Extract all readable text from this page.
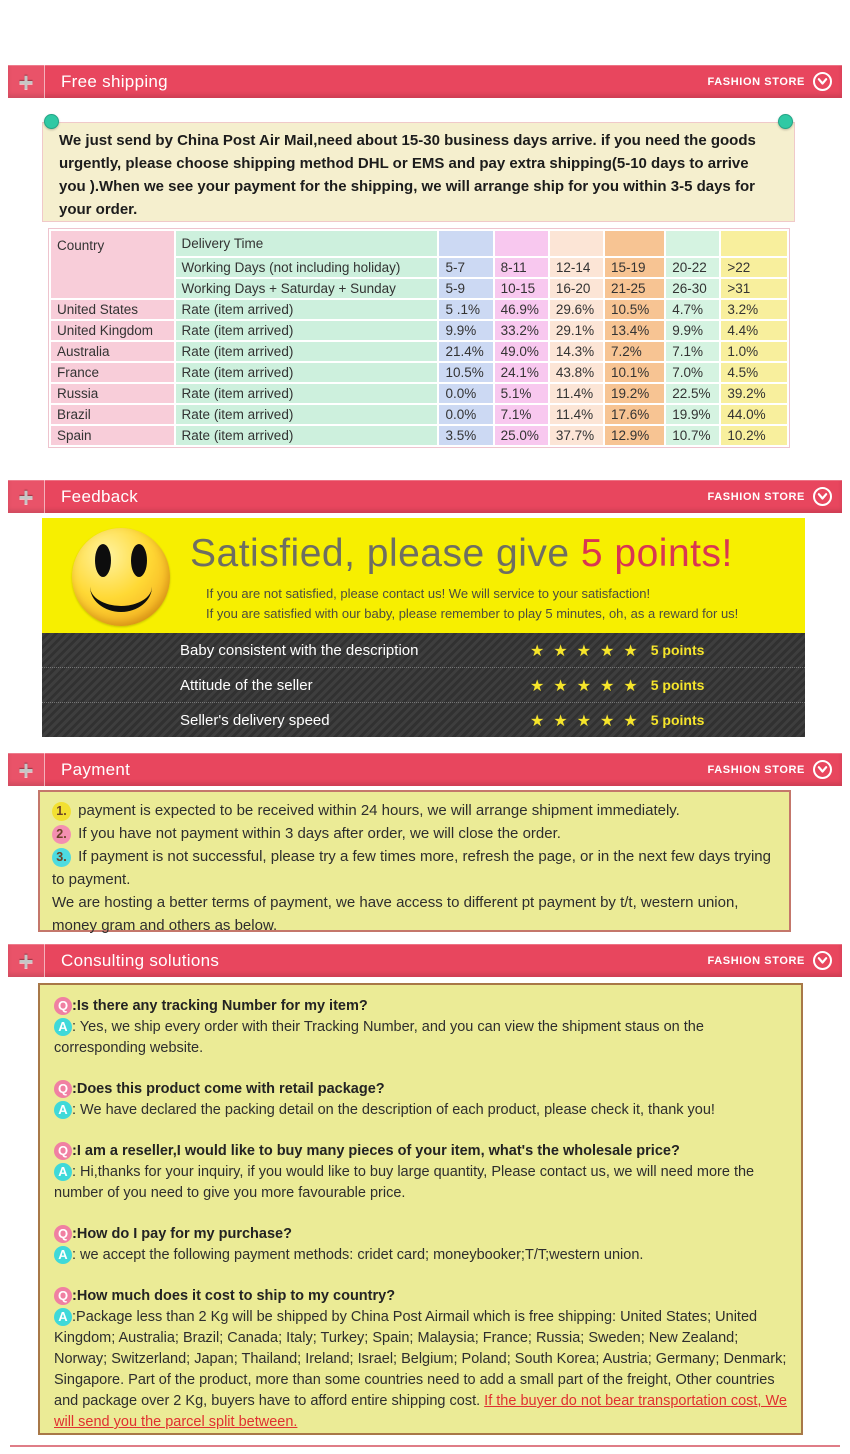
+ Free shipping	FASHION STORE
We just send by China Post Air Mail,need about 15-30 business days arrive. if you need the goods urgently, please choose shipping method DHL or EMS and pay extra shipping(5-10 days to arrive you ).When we see your payment for the shipping, we will arrange ship for you within 3-5 days for your order.
Country	Delivery Time						
	Working Days (not including holiday)	5-7	8-11	12-14	15-19	20-22	>22
	Working Days + Saturday + Sunday	5-9	10-15	16-20	21-25	26-30	>31
United States	Rate (item arrived)	5 .1%	46.9%	29.6%	10.5%	4.7%	3.2%
United Kingdom	Rate (item arrived)	9.9%	33.2%	29.1%	13.4%	9.9%	4.4%
Australia	Rate (item arrived)	21.4%	49.0%	14.3%	7.2%	7.1%	1.0%
France	Rate (item arrived)	10.5%	24.1%	43.8%	10.1%	7.0%	4.5%
Russia	Rate (item arrived)	0.0%	5.1%	11.4%	19.2%	22.5%	39.2%
Brazil	Rate (item arrived)	0.0%	7.1%	11.4%	17.6%	19.9%	44.0%
Spain	Rate (item arrived)	3.5%	25.0%	37.7%	12.9%	10.7%	10.2%
+ Feedback	FASHION STORE
Satisfied, please give 5 points!
If you are not satisfied, please contact us! We will service to your satisfaction!
If you are satisfied with our baby, please remember to play 5 minutes, oh, as a reward for us!
Baby consistent with the description	★★★★★ 5 points
Attitude of the seller	★★★★★ 5 points
Seller's delivery speed	★★★★★ 5 points
+ Payment	FASHION STORE
1. payment is expected to be received within 24 hours, we will arrange shipment immediately.
2. If you have not payment within 3 days after order, we will close the order.
3. If payment is not successful, please try a few times more, refresh the page, or in the next few days trying to payment.
We are hosting a better terms of payment, we have access to different pt payment by t/t, western union, money gram and others as below.
+ Consulting solutions	FASHION STORE
Q :Is there any tracking Number for my item?
A : Yes, we ship every order with their Tracking Number, and you can view the shipment staus on the corresponding website.
Q :Does this product come with retail package?
A : We have declared the packing detail on the description of each product, please check it, thank you!
Q :I am a reseller,I would like to buy many pieces of your item, what's the wholesale price?
A : Hi,thanks for your inquiry, if you would like to buy large quantity, Please contact us, we will need more the number of you need to give you more favourable price.
Q :How do I pay for my purchase?
A : we accept the following payment methods: cridet card; moneybooker;T/T;western union.
Q :How much does it cost to ship to my country?
A :Package less than 2 Kg will be shipped by China Post Airmail which is free shipping: United States; United Kingdom; Australia; Brazil; Canada; Italy; Turkey; Spain; Malaysia; France; Russia; Sweden; New Zealand; Norway; Switzerland; Japan; Thailand; Ireland; Israel; Belgium; Poland; South Korea; Austria; Germany; Denmark; Singapore. Part of the product, more than some countries need to add a small part of the freight, Other countries and package over 2 Kg, buyers have to afford entire shipping cost. If the buyer do not bear transportation cost, We will send you the parcel split between.
